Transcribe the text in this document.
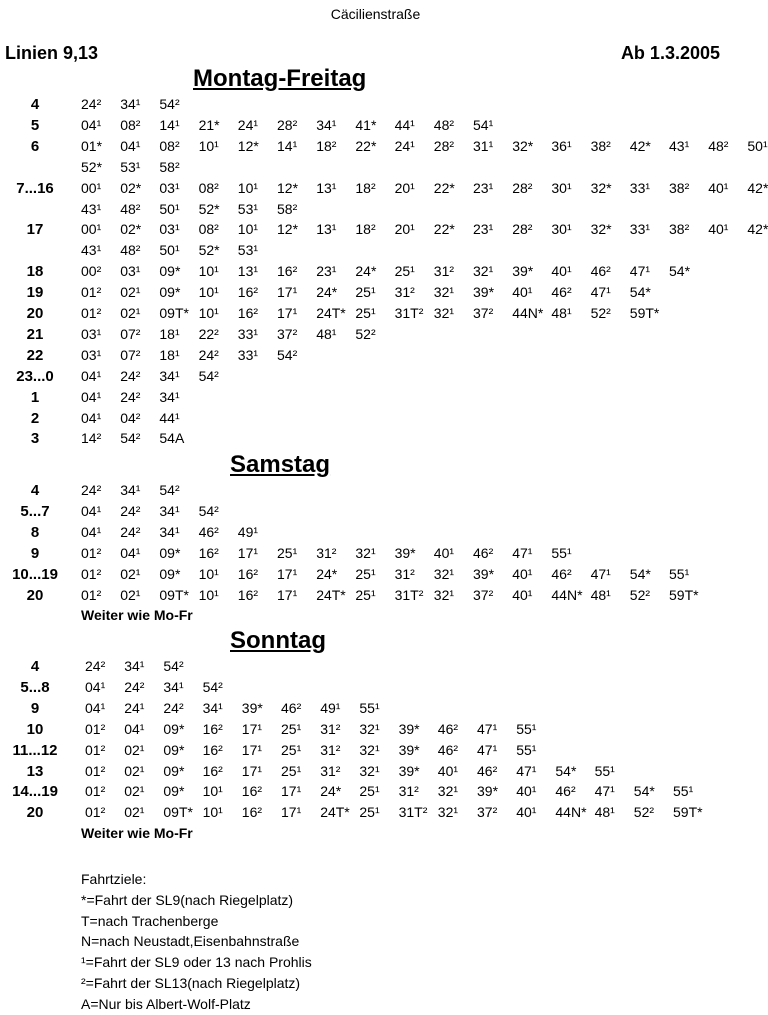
Cäcilienstraße
Linien 9,13	Ab 1.3.2005
Montag-Freitag
4	24² 34¹ 54²
5	04¹ 08² 14¹ 21* 24¹ 28² 34¹ 41* 44¹ 48² 54¹
6	01* 04¹ 08² 10¹ 12* 14¹ 18² 22* 24¹ 28² 31¹ 32* 36¹ 38² 42* 43¹ 48² 50¹
52* 53¹ 58²
7...16	00¹ 02* 03¹ 08² 10¹ 12* 13¹ 18² 20¹ 22* 23¹ 28² 30¹ 32* 33¹ 38² 40¹ 42*
43¹ 48² 50¹ 52* 53¹ 58²
17	00¹ 02* 03¹ 08² 10¹ 12* 13¹ 18² 20¹ 22* 23¹ 28² 30¹ 32* 33¹ 38² 40¹ 42*
43¹ 48² 50¹ 52* 53¹
18	00² 03¹ 09* 10¹ 13¹ 16² 23¹ 24* 25¹ 31² 32¹ 39* 40¹ 46² 47¹ 54*
19	01² 02¹ 09* 10¹ 16² 17¹ 24* 25¹ 31² 32¹ 39* 40¹ 46² 47¹ 54*
20	01² 02¹ 09T* 10¹ 16² 17¹ 24T* 25¹ 31T² 32¹ 37² 44N* 48¹ 52² 59T*
21	03¹ 07² 18¹ 22² 33¹ 37² 48¹ 52²
22	03¹ 07² 18¹ 24² 33¹ 54²
23...0	04¹ 24² 34¹ 54²
1	04¹ 24² 34¹
2	04¹ 04² 44¹
3	14² 54² 54A
Samstag
4	24² 34¹ 54²
5...7	04¹ 24² 34¹ 54²
8	04¹ 24² 34¹ 46² 49¹
9	01² 04¹ 09* 16² 17¹ 25¹ 31² 32¹ 39* 40¹ 46² 47¹ 55¹
10...19	01² 02¹ 09* 10¹ 16² 17¹ 24* 25¹ 31² 32¹ 39* 40¹ 46² 47¹ 54* 55¹
20	01² 02¹ 09T* 10¹ 16² 17¹ 24T* 25¹ 31T² 32¹ 37² 40¹ 44N* 48¹ 52² 59T*
Weiter wie Mo-Fr
Sonntag
4	24² 34¹ 54²
5...8	04¹ 24² 34¹ 54²
9	04¹ 24¹ 24² 34¹ 39* 46² 49¹ 55¹
10	01² 04¹ 09* 16² 17¹ 25¹ 31² 32¹ 39* 46² 47¹ 55¹
11...12	01² 02¹ 09* 16² 17¹ 25¹ 31² 32¹ 39* 46² 47¹ 55¹
13	01² 02¹ 09* 16² 17¹ 25¹ 31² 32¹ 39* 40¹ 46² 47¹ 54* 55¹
14...19	01² 02¹ 09* 10¹ 16² 17¹ 24* 25¹ 31² 32¹ 39* 40¹ 46² 47¹ 54* 55¹
20	01² 02¹ 09T* 10¹ 16² 17¹ 24T* 25¹ 31T² 32¹ 37² 40¹ 44N* 48¹ 52² 59T*
Weiter wie Mo-Fr
Fahrtziele:
*=Fahrt der SL9(nach Riegelplatz)
T=nach Trachenberge
N=nach Neustadt,Eisenbahnstraße
¹=Fahrt der SL9 oder 13 nach Prohlis
²=Fahrt der SL13(nach Riegelplatz)
A=Nur bis Albert-Wolf-Platz
